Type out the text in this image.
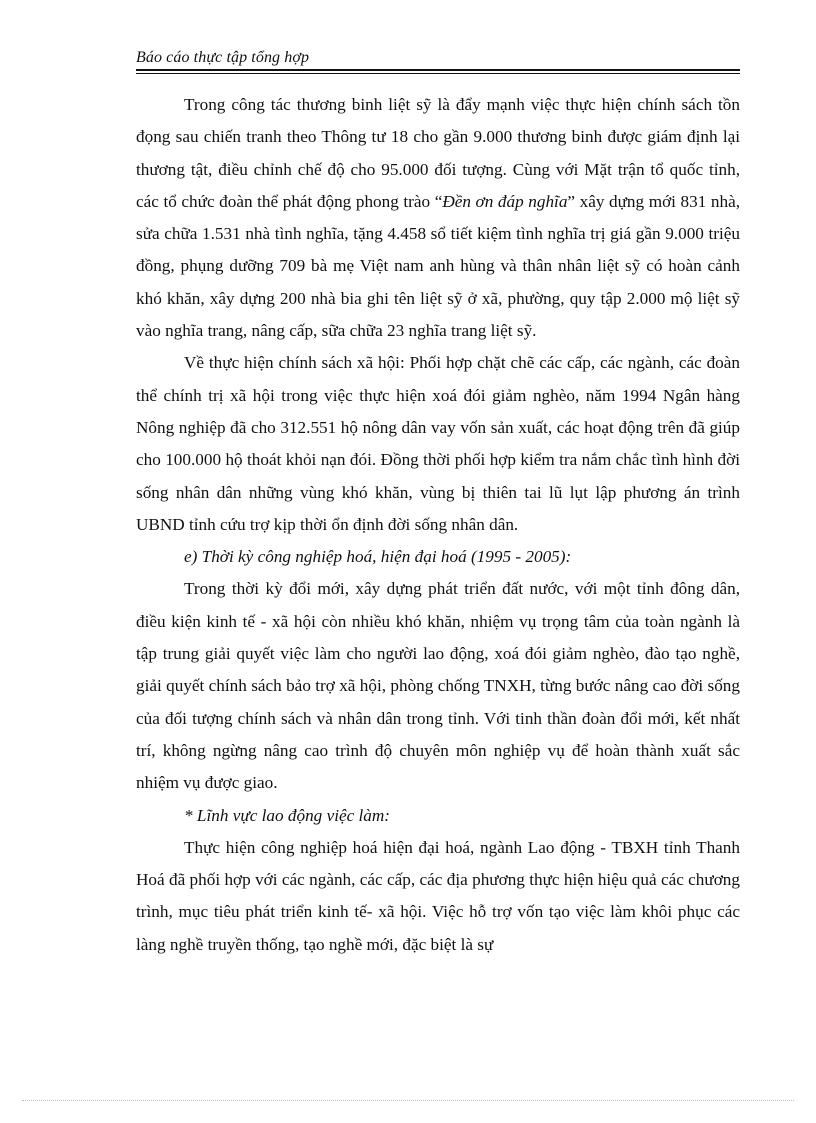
Báo cáo thực tập tổng hợp

Trong công tác thương binh liệt sỹ là đẩy mạnh việc thực hiện chính sách tồn đọng sau chiến tranh theo Thông tư 18 cho gần 9.000 thương binh được giám định lại thương tật, điều chỉnh chế độ cho 95.000 đối tượng. Cùng với Mặt trận tổ quốc tỉnh, các tổ chức đoàn thể phát động phong trào “Đền ơn đáp nghĩa” xây dựng mới 831 nhà, sửa chữa 1.531 nhà tình nghĩa, tặng 4.458 sổ tiết kiệm tình nghĩa trị giá gần 9.000 triệu đồng, phụng dưỡng 709 bà mẹ Việt nam anh hùng và thân nhân liệt sỹ có hoàn cảnh khó khăn, xây dựng 200 nhà bia ghi tên liệt sỹ ở xã, phường, quy tập 2.000 mộ liệt sỹ vào nghĩa trang, nâng cấp, sữa chữa 23 nghĩa trang liệt sỹ.

Về thực hiện chính sách xã hội: Phối hợp chặt chẽ các cấp, các ngành, các đoàn thể chính trị xã hội trong việc thực hiện xoá đói giảm nghèo, năm 1994 Ngân hàng Nông nghiệp đã cho 312.551 hộ nông dân vay vốn sản xuất, các hoạt động trên đã giúp cho 100.000 hộ thoát khỏi nạn đói. Đồng thời phối hợp kiểm tra nắm chắc tình hình đời sống nhân dân những vùng khó khăn, vùng bị thiên tai lũ lụt lập phương án trình UBND tỉnh cứu trợ kịp thời ổn định đời sống nhân dân.

e) Thời kỳ công nghiệp hoá, hiện đại hoá (1995 - 2005):

Trong thời kỳ đổi mới, xây dựng phát triển đất nước, với một tỉnh đông dân, điều kiện kinh tế - xã hội còn nhiều khó khăn, nhiệm vụ trọng tâm của toàn ngành là tập trung giải quyết việc làm cho người lao động, xoá đói giảm nghèo, đào tạo nghề, giải quyết chính sách bảo trợ xã hội, phòng chống TNXH, từng bước nâng cao đời sống của đối tượng chính sách và nhân dân trong tỉnh. Với tinh thần đoàn đổi mới, kết nhất trí, không ngừng nâng cao trình độ chuyên môn nghiệp vụ để hoàn thành xuất sắc nhiệm vụ được giao.

* Lĩnh vực lao động việc làm:

Thực hiện công nghiệp hoá hiện đại hoá, ngành Lao động - TBXH tỉnh Thanh Hoá đã phối hợp với các ngành, các cấp, các địa phương thực hiện hiệu quả các chương trình, mục tiêu phát triển kinh tế- xã hội. Việc hỗ trợ vốn tạo việc làm khôi phục các làng nghề truyền thống, tạo nghề mới, đặc biệt là sự
